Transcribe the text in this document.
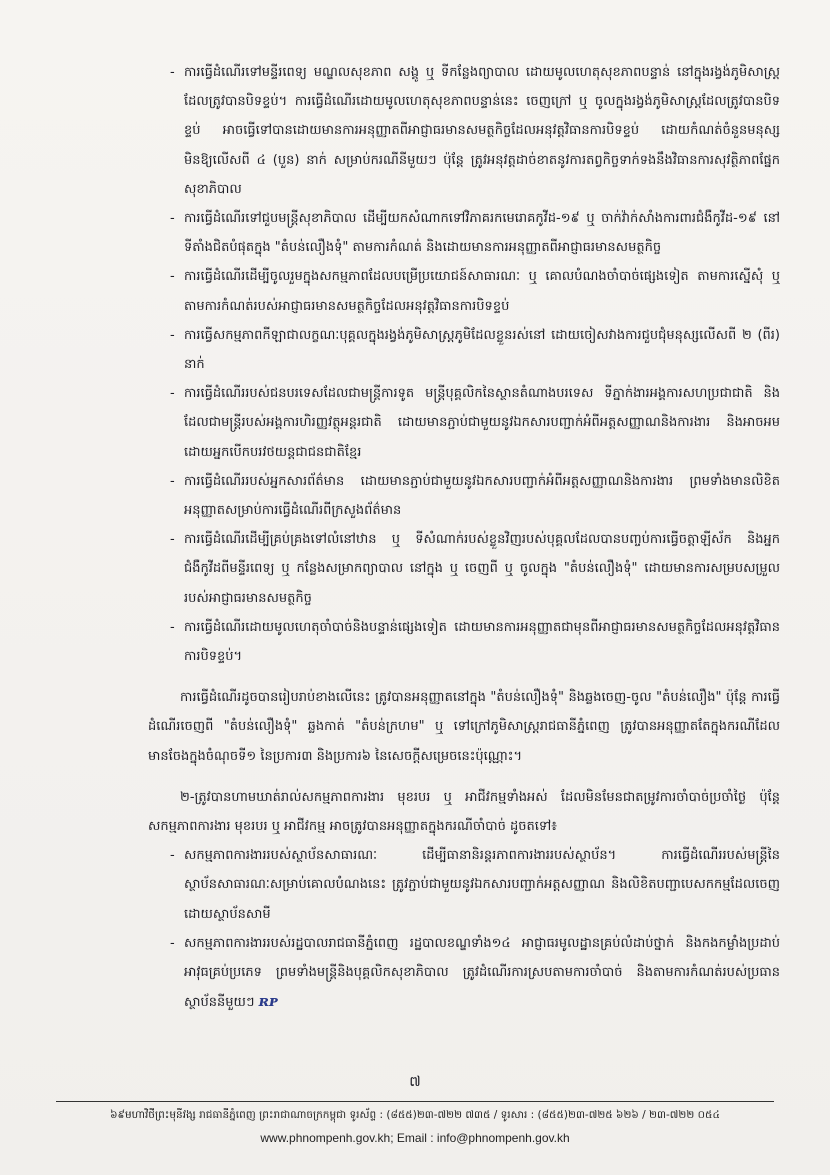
- ការធ្វើដំណើរទៅមន្ទីរពេទ្យ មណ្ឌលសុខភាព សង្គូ ឬ ទីកន្លែងព្យាបាល ដោយមូលហេតុសុខភាពបន្ទាន់ នៅក្នុងរង្វង់ភូមិសាស្ត្រដែលត្រូវបានបិទខ្ទប់។ ការធ្វើដំណើរដោយមូលហេតុសុខភាពបន្ទាន់នេះ ចេញក្រៅ ឬ ចូលក្នុងរង្វង់ភូមិសាស្ត្រដែលត្រូវបានបិទខ្ទប់ អាចធ្វើទៅបានដោយមានការអនុញ្ញាតពីអាជ្ញាធរមានសមត្ថកិច្ចដែលអនុវត្តវិធានការបិទខ្ទប់ ដោយកំណត់ចំនួនមនុស្សមិនឱ្យលើសពី ៤ (បួន) នាក់ សម្រាប់ករណីនីមួយៗ ប៉ុន្តែ ត្រូវអនុវត្តដាច់ខាតនូវការតព្វកិច្ចទាក់ទងនឹងវិធានការសុវត្ថិភាពផ្នែកសុខាភិបាល
- ការធ្វើដំណើរទៅជួបមន្ត្រីសុខាភិបាល ដើម្បីយកសំណាកទៅវិភាគរកមេរោគកូវីដ-១៩ ឬ ចាក់វ៉ាក់សាំងការពារជំងឺកូវីដ-១៩ នៅទីតាំងជិតបំផុតក្នុង "តំបន់លឿងទុំ" តាមការកំណត់ និងដោយមានការអនុញ្ញាតពីអាជ្ញាធរមានសមត្ថកិច្ច
- ការធ្វើដំណើរដើម្បីចូលរួមក្នុងសកម្មភាពដែលបម្រើប្រយោជន៍សាធារណៈ ឬ គោលបំណងចាំបាច់ផ្សេងទៀត តាមការស្នើសុំ ឬ តាមការកំណត់របស់អាជ្ញាធរមានសមត្ថកិច្ចដែលអនុវត្តវិធានការបិទខ្ទប់
- ការធ្វើសកម្មភាពកីឡាជាលក្ខណៈបុគ្គលក្នុងរង្វង់ភូមិសាស្ត្រភូមិដែលខ្លួនរស់នៅ ដោយចៀសវាងការជួបជុំមនុស្សលើសពី ២ (ពីរ) នាក់
- ការធ្វើដំណើររបស់ជនបរទេសដែលជាមន្ត្រីការទូត មន្ត្រីបុគ្គលិកនៃស្ថានតំណាងបរទេស ទីភ្នាក់ងារអង្គការសហប្រជាជាតិ និងដែលជាមន្ត្រីរបស់អង្គការហិរញ្ញវត្ថុអន្តរជាតិ ដោយមានភ្ជាប់ជាមួយនូវឯកសារបញ្ជាក់អំពីអត្តសញ្ញាណនិងការងារ និងអាចអមដោយអ្នកបើកបរវថយន្តជាជនជាតិខ្មែរ
- ការធ្វើដំណើររបស់អ្នកសារព័ត៌មាន ដោយមានភ្ជាប់ជាមួយនូវឯកសារបញ្ជាក់អំពីអត្តសញ្ញាណនិងការងារ ព្រមទាំងមានលិខិតអនុញ្ញាតសម្រាប់ការធ្វើដំណើរពីក្រសួងព័ត៌មាន
- ការធ្វើដំណើរដើម្បីគ្រប់គ្រងទៅលំនៅឋាន ឬ ទីសំណាក់របស់ខ្លួនវិញរបស់បុគ្គលដែលបានបញ្ចប់ការធ្វើចត្តាឡីស័ក និងអ្នកជំងឺកូវីដពីមន្ទីរពេទ្យ ឬ កន្លែងសម្រាកព្យាបាល នៅក្នុង ឬ ចេញពី ឬ ចូលក្នុង "តំបន់លឿងទុំ" ដោយមានការសម្របសម្រួលរបស់អាជ្ញាធរមានសមត្ថកិច្ច
- ការធ្វើដំណើរដោយមូលហេតុចាំបាច់និងបន្ទាន់ផ្សេងទៀត ដោយមានការអនុញ្ញាតជាមុនពីអាជ្ញាធរមានសមត្ថកិច្ចដែលអនុវត្តវិធានការបិទខ្ទប់។
ការធ្វើដំណើរដូចបានរៀបរាប់ខាងលើនេះ ត្រូវបានអនុញ្ញាតនៅក្នុង "តំបន់លឿងទុំ" និងឆ្លងចេញ-ចូល "តំបន់លឿង" ប៉ុន្តែ ការធ្វើដំណើរចេញពី "តំបន់លឿងទុំ" ឆ្លងកាត់ "តំបន់ក្រហម" ឬ ទៅក្រៅភូមិសាស្ត្ររាជធានីភ្នំពេញ ត្រូវបានអនុញ្ញាតតែក្នុងករណីដែលមានចែងក្នុងចំណុចទី១ នៃប្រការ៣ និងប្រការ៦ នៃសេចក្តីសម្រេចនេះប៉ុណ្ណោះ។
២-ត្រូវបានហាមឃាត់រាល់សកម្មភាពការងារ មុខរបរ ឬ អាជីវកម្មទាំងអស់ ដែលមិនមែនជាតម្រូវការចាំបាច់ប្រចាំថ្ងៃ ប៉ុន្តែ សកម្មភាពការងារ មុខរបរ ឬ អាជីវកម្ម អាចត្រូវបានអនុញ្ញាតក្នុងករណីចាំបាច់ ដូចតទៅ៖
- សកម្មភាពការងាររបស់ស្ថាប័នសាធារណៈ ដើម្បីធានានិរន្តរភាពការងាររបស់ស្ថាប័ន។ ការធ្វើដំណើររបស់មន្ត្រីនៃស្ថាប័នសាធារណៈសម្រាប់គោលបំណងនេះ ត្រូវភ្ជាប់ជាមួយនូវឯកសារបញ្ជាក់អត្តសញ្ញាណ និងលិខិតបញ្ជាបេសកកម្មដែលចេញដោយស្ថាប័នសាមី
- សកម្មភាពការងាររបស់រដ្ឋបាលរាជធានីភ្នំពេញ រដ្ឋបាលខណ្ឌទាំង១៤ អាជ្ញាធរមូលដ្ឋានគ្រប់លំដាប់ថ្នាក់ និងកងកម្លាំងប្រដាប់អាវុធគ្រប់ប្រភេទ ព្រមទាំងមន្ត្រីនិងបុគ្គលិកសុខាភិបាល ត្រូវដំណើរការស្របតាមការចាំបាច់ និងតាមការកំណត់របស់ប្រធានស្ថាប័ននីមួយៗ ʀᴘ
៧
៦៩មហាវិថីព្រះមុនីវង្ស រាជធានីភ្នំពេញ ព្រះរាជាណាចក្រកម្ពុជា ទូរស័ព្ទ : (៨៥៥)២៣-៧២២ ៧៣៥ / ទូរសារ : (៨៥៥)២៣-៧២៥ ៦២៦ / ២៣-៧២២ ០៥៤
www.phnompenh.gov.kh; Email : info@phnompenh.gov.kh
